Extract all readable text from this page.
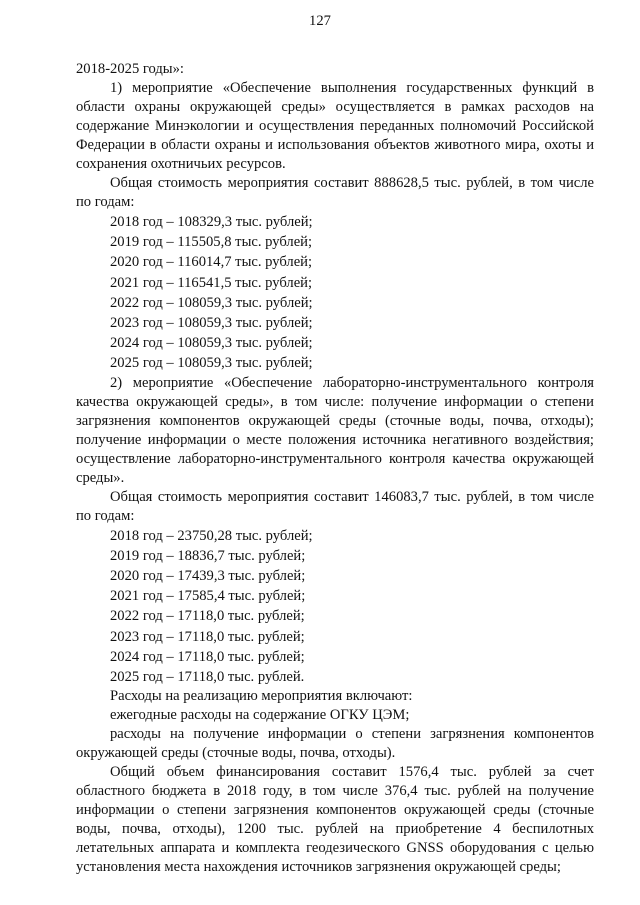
127

2018-2025 годы»:

1) мероприятие «Обеспечение выполнения государственных функций в области охраны окружающей среды» осуществляется в рамках расходов на содержание Минэкологии и осуществления переданных полномочий Российской Федерации в области охраны и использования объектов животного мира, охоты и сохранения охотничьих ресурсов.

Общая стоимость мероприятия составит 888628,5 тыс. рублей, в том числе по годам:

2018 год – 108329,3 тыс. рублей;

2019 год – 115505,8 тыс. рублей;

2020 год – 116014,7 тыс. рублей;

2021 год – 116541,5 тыс. рублей;

2022 год – 108059,3 тыс. рублей;

2023 год – 108059,3 тыс. рублей;

2024 год – 108059,3 тыс. рублей;

2025 год – 108059,3 тыс. рублей;

2) мероприятие «Обеспечение лабораторно-инструментального контроля качества окружающей среды», в том числе: получение информации о степени загрязнения компонентов окружающей среды (сточные воды, почва, отходы); получение информации о месте положения источника негативного воздействия; осуществление лабораторно-инструментального контроля качества окружающей среды».

Общая стоимость мероприятия составит 146083,7 тыс. рублей, в том числе по годам:

2018 год – 23750,28 тыс. рублей;

2019 год – 18836,7 тыс. рублей;

2020 год – 17439,3 тыс. рублей;

2021 год – 17585,4 тыс. рублей;

2022 год – 17118,0 тыс. рублей;

2023 год – 17118,0 тыс. рублей;

2024 год – 17118,0 тыс. рублей;

2025 год – 17118,0 тыс. рублей.

Расходы на реализацию мероприятия включают:

ежегодные расходы на содержание ОГКУ ЦЭМ;

расходы на получение информации о степени загрязнения компонентов окружающей среды (сточные воды, почва, отходы).

Общий объем финансирования составит 1576,4 тыс. рублей за счет областного бюджета в 2018 году, в том числе 376,4 тыс. рублей на получение информации о степени загрязнения компонентов окружающей среды (сточные воды, почва, отходы), 1200 тыс. рублей на приобретение 4 беспилотных летательных аппарата и комплекта геодезического GNSS оборудования с целью установления места нахождения источников загрязнения окружающей среды;
